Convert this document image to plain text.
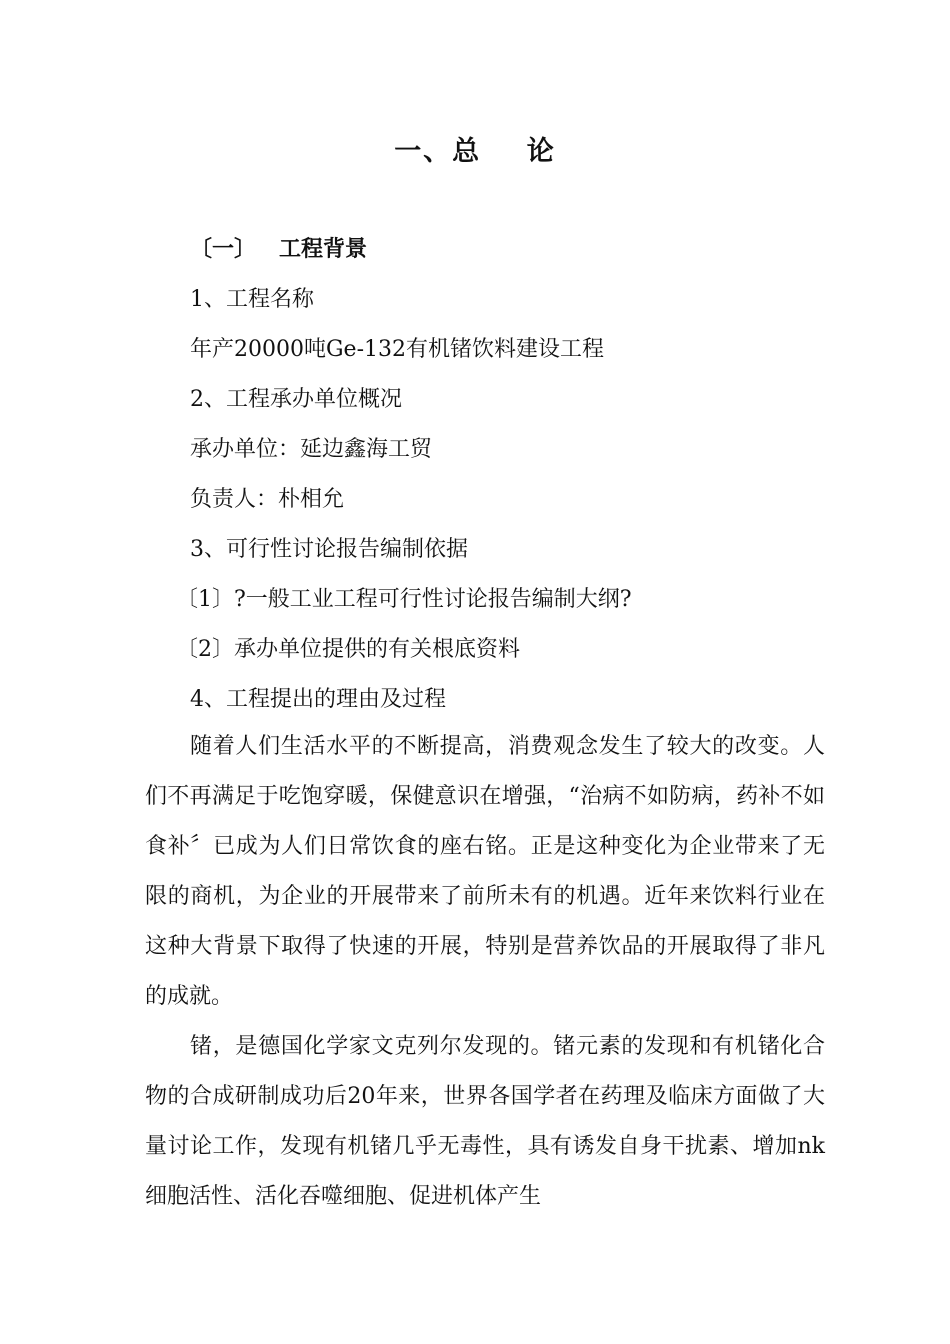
一、总    论
〔一〕   工程背景
1、工程名称
年产20000吨Ge-132有机锗饮料建设工程
2、工程承办单位概况
承办单位：延边鑫海工贸
负责人：朴相允
3、可行性讨论报告编制依据
〔1〕?一般工业工程可行性讨论报告编制大纲?
〔2〕承办单位提供的有关根底资料
4、工程提出的理由及过程

随着人们生活水平的不断提高，消费观念发生了较大的改变。人们不再满足于吃饱穿暖，保健意识在增强，“治病不如防病，药补不如食补〞已成为人们日常饮食的座右铭。正是这种变化为企业带来了无限的商机，为企业的开展带来了前所未有的机遇。近年来饮料行业在这种大背景下取得了快速的开展，特别是营养饮品的开展取得了非凡的成就。

锗，是德国化学家文克列尔发现的。锗元素的发现和有机锗化合物的合成研制成功后20年来，世界各国学者在药理及临床方面做了大量讨论工作，发现有机锗几乎无毒性，具有诱发自身干扰素、增加nk细胞活性、活化吞噬细胞、促进机体产生
